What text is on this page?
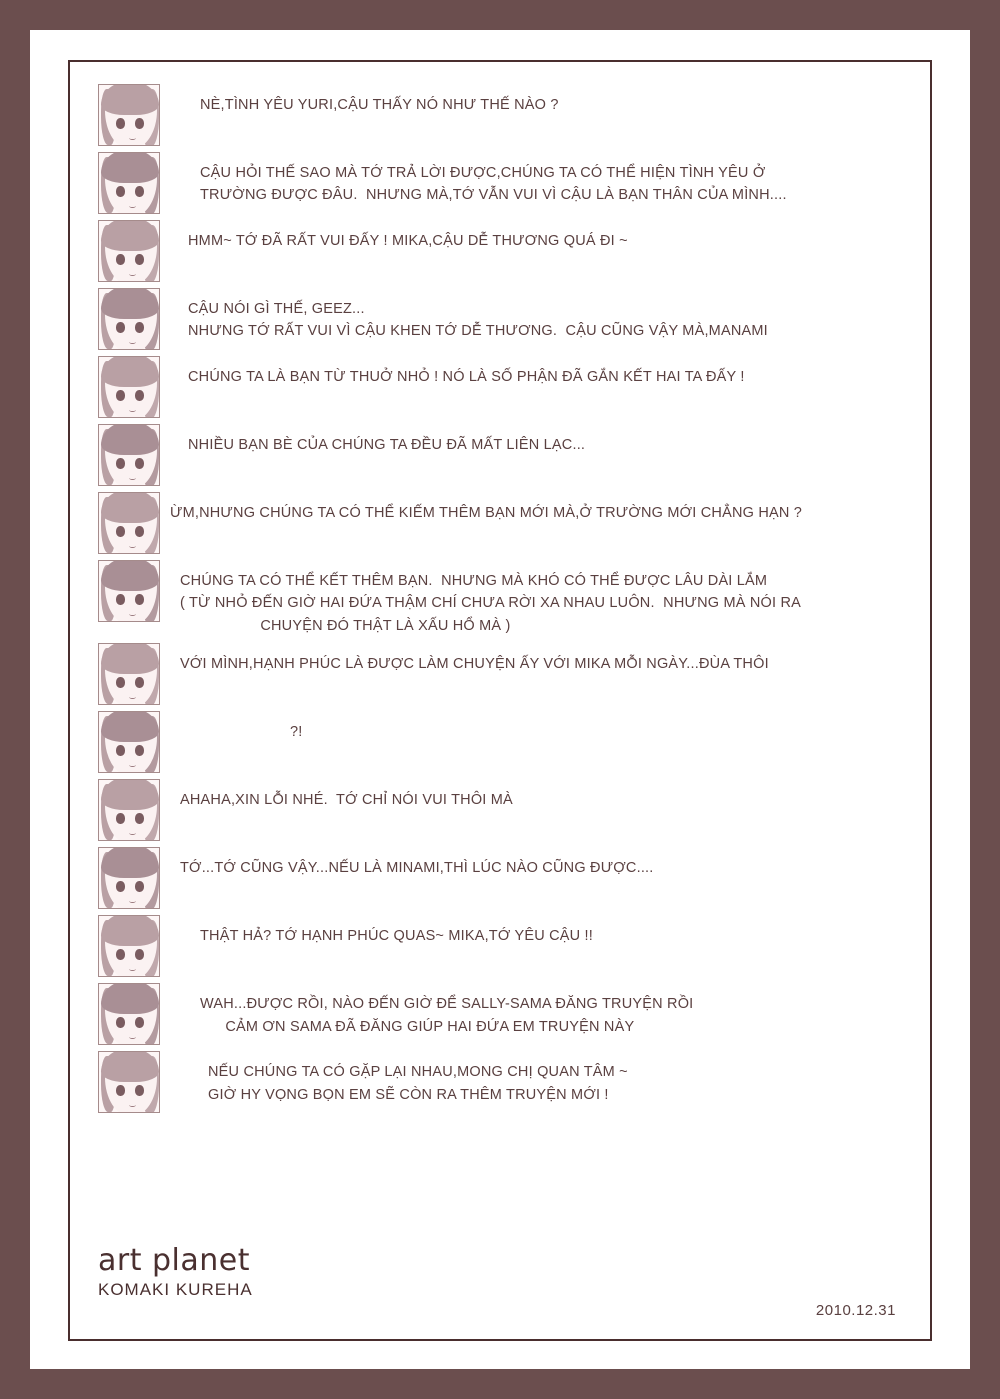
NÈ,TÌNH YÊU YURI,CẬU THẤY NÓ NHƯ THẾ NÀO ?
CẬU HỎI THẾ SAO MÀ TỚ TRẢ LỜI ĐƯỢC,CHÚNG TA CÓ THỂ HIỆN TÌNH YÊU Ở
TRƯỜNG ĐƯỢC ĐÂU.  NHƯNG MÀ,TỚ VẪN VUI VÌ CẬU LÀ BẠN THÂN CỦA MÌNH....
HMM~ TỚ ĐÃ RẤT VUI ĐẤY ! MIKA,CẬU DỄ THƯƠNG QUÁ ĐI ~
CẬU NÓI GÌ THẾ, GEEZ...
NHƯNG TỚ RẤT VUI VÌ CẬU KHEN TỚ DỄ THƯƠNG.  CẬU CŨNG VẬY MÀ,MANAMI
CHÚNG TA LÀ BẠN TỪ THUỞ NHỎ ! NÓ LÀ SỐ PHẬN ĐÃ GẮN KẾT HAI TA ĐẤY !
NHIỀU BẠN BÈ CỦA CHÚNG TA ĐỀU ĐÃ MẤT LIÊN LẠC...
ỪM,NHƯNG CHÚNG TA CÓ THỂ KIẾM THÊM BẠN MỚI MÀ,Ở TRƯỜNG MỚI CHẲNG HẠN ?
CHÚNG TA CÓ THỂ KẾT THÊM BẠN.  NHƯNG MÀ KHÓ CÓ THỂ ĐƯỢC LÂU DÀI LẮM
( TỪ NHỎ ĐẾN GIỜ HAI ĐỨA THẬM CHÍ CHƯA RỜI XA NHAU LUÔN.  NHƯNG MÀ NÓI RA
CHUYỆN ĐÓ THẬT LÀ XẤU HỔ MÀ )
VỚI MÌNH,HẠNH PHÚC LÀ ĐƯỢC LÀM CHUYỆN ẤY VỚI MIKA MỖI NGÀY...ĐÙA THÔI
?!
AHAHA,XIN LỖI NHÉ.  TỚ CHỈ NÓI VUI THÔI MÀ
TỚ...TỚ CŨNG VẬY...NẾU LÀ MINAMI,THÌ LÚC NÀO CŨNG ĐƯỢC....
THẬT HẢ? TỚ HẠNH PHÚC QUAS~ MIKA,TỚ YÊU CẬU !!
WAH...ĐƯỢC RỒI, NÀO ĐẾN GIỜ ĐỂ SALLY-SAMA ĐĂNG TRUYỆN RỒI
CẢM ƠN SAMA ĐÃ ĐĂNG GIÚP HAI ĐỨA EM TRUYỆN NÀY
NẾU CHÚNG TA CÓ GẶP LẠI NHAU,MONG CHỊ QUAN TÂM ~
GIỜ HY VỌNG BỌN EM SẼ CÒN RA THÊM TRUYỆN MỚI !
art planet
KOMAKI KUREHA
2010.12.31
